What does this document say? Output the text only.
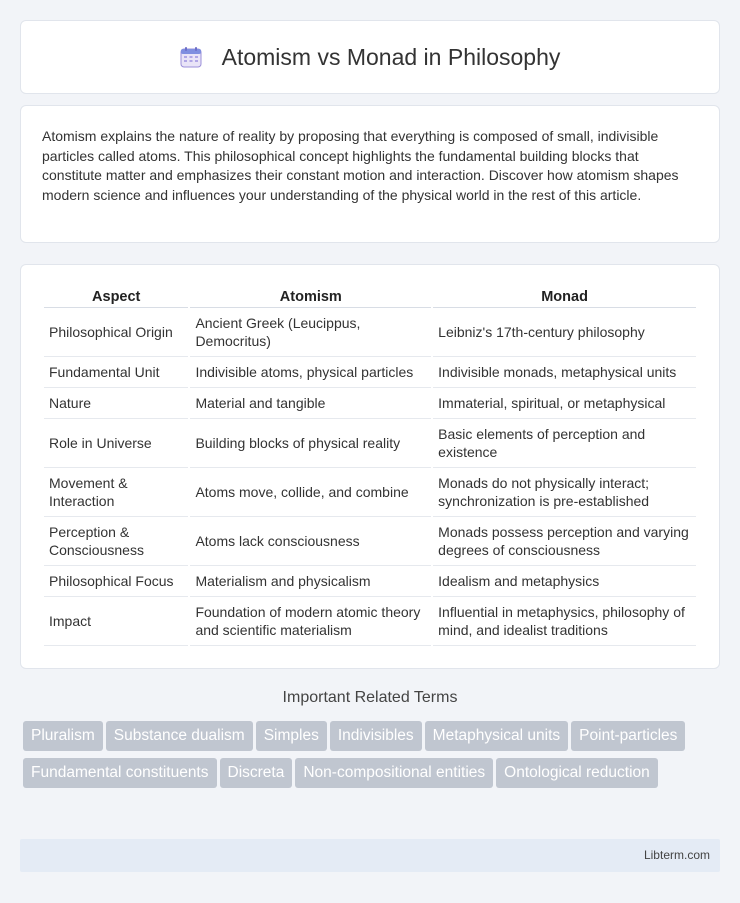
Atomism vs Monad in Philosophy

Atomism explains the nature of reality by proposing that everything is composed of small, indivisible particles called atoms. This philosophical concept highlights the fundamental building blocks that constitute matter and emphasizes their constant motion and interaction. Discover how atomism shapes modern science and influences your understanding of the physical world in the rest of this article.

Aspect	Atomism	Monad
Philosophical Origin	Ancient Greek (Leucippus, Democritus)	Leibniz's 17th-century philosophy
Fundamental Unit	Indivisible atoms, physical particles	Indivisible monads, metaphysical units
Nature	Material and tangible	Immaterial, spiritual, or metaphysical
Role in Universe	Building blocks of physical reality	Basic elements of perception and existence
Movement & Interaction	Atoms move, collide, and combine	Monads do not physically interact; synchronization is pre-established
Perception & Consciousness	Atoms lack consciousness	Monads possess perception and varying degrees of consciousness
Philosophical Focus	Materialism and physicalism	Idealism and metaphysics
Impact	Foundation of modern atomic theory and scientific materialism	Influential in metaphysics, philosophy of mind, and idealist traditions
Important Related Terms
Pluralism Substance dualism Simples Indivisibles Metaphysical units Point-particlesFundamental constituents Discreta Non-compositional entities Ontological reduction
Libterm.com
